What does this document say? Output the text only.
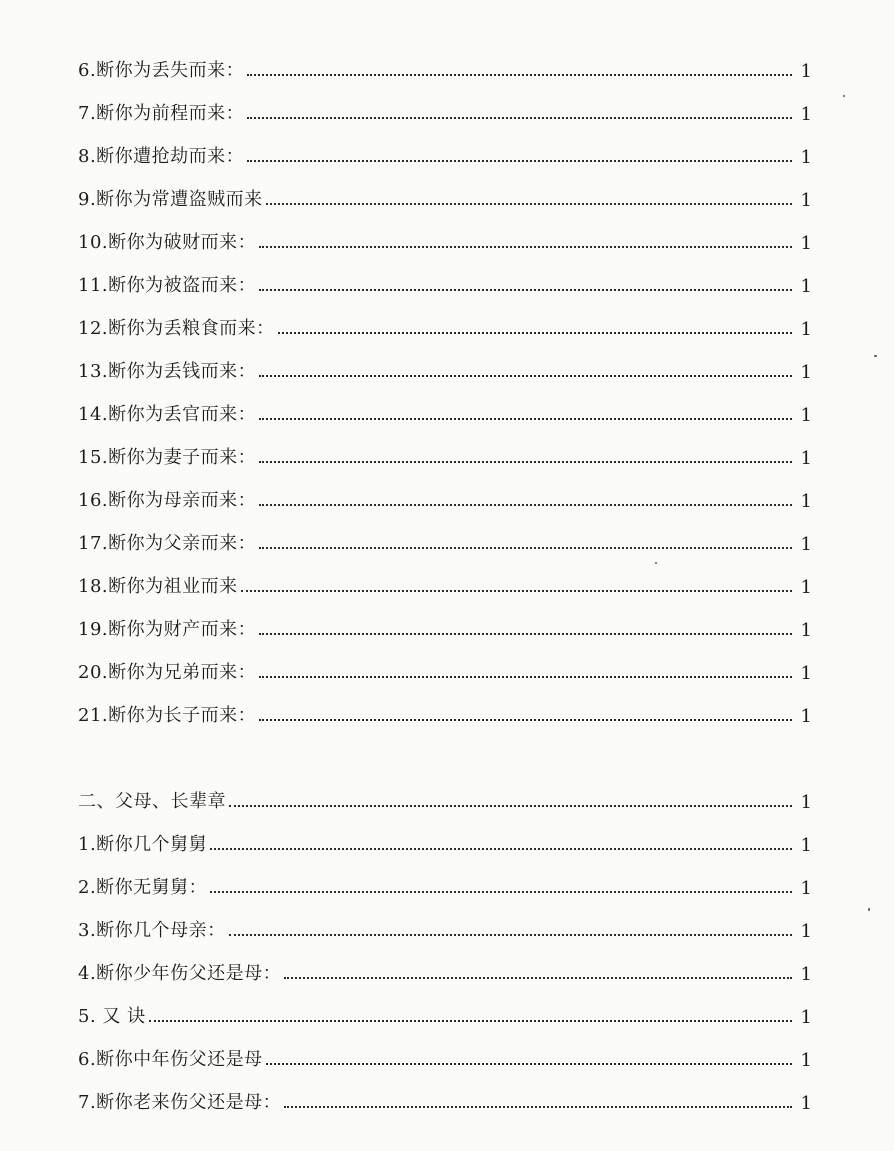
6.断你为丢失而来：	1
7.断你为前程而来：	1
8.断你遭抢劫而来：	1
9.断你为常遭盗贼而来	1
10.断你为破财而来：	1
11.断你为被盗而来：	1
12.断你为丢粮食而来：	1
13.断你为丢钱而来：	1
14.断你为丢官而来：	1
15.断你为妻子而来：	1
16.断你为母亲而来：	1
17.断你为父亲而来：	1
18.断你为祖业而来	1
19.断你为财产而来：	1
20.断你为兄弟而来：	1
21.断你为长子而来：	1
二、父母、长辈章	1
1.断你几个舅舅	1
2.断你无舅舅：	1
3.断你几个母亲：	1
4.断你少年伤父还是母：	1
5. 又 诀	1
6.断你中年伤父还是母	1
7.断你老来伤父还是母：	1
